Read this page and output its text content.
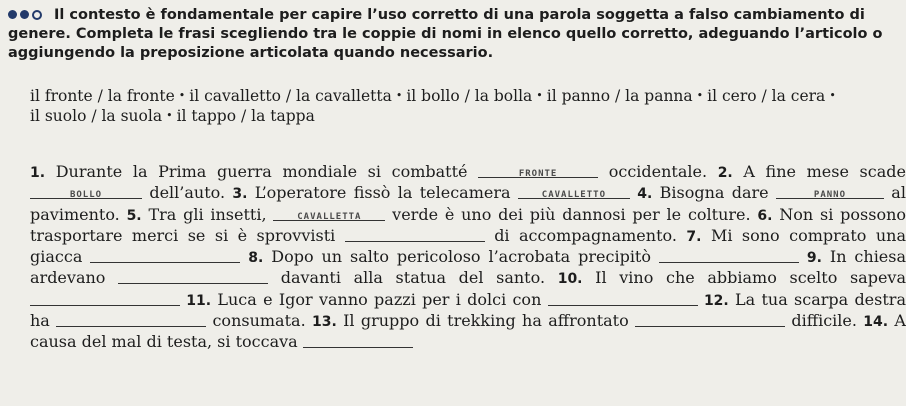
Il contesto è fondamentale per capire l’uso corretto di una parola soggetta a falso cambiamento di genere. Completa le frasi scegliendo tra le coppie di nomi in elenco quello corretto, adeguando l’articolo o aggiungendo la preposizione articolata quando necessario.
il fronte / la fronte • il cavalletto / la cavalletta • il bollo / la bolla • il panno / la panna • il cero / la cera •
il suolo / la suola • il tappo / la tappa
1. Durante la Prima guerra mondiale si combatté	FRONTE	occidentale. 2. A fine mese scade
BOLLO	dell’auto. 3. L’operatore fissò la telecamera	CAVALLETTO	4. Bisogna dare	PANNO	al pavimento. 5. Tra gli insetti,	CAVALLETTA	verde è uno dei più dannosi per le colture. 6. Non si possono trasportare merci se si è sprovvisti	di accompagnamento. 7. Mi sono comprato una giacca	8. Dopo un salto pericoloso l’acrobata precipitò	9. In chiesa ardevano	davanti alla statua del santo. 10. Il vino che abbiamo scelto sapeva  11. Luca e Igor vanno pazzi per i dolci con	12. La tua scarpa destra ha	consumata. 13. Il gruppo di trekking ha affrontato	difficile. 14. A causa del mal di testa, si toccava
